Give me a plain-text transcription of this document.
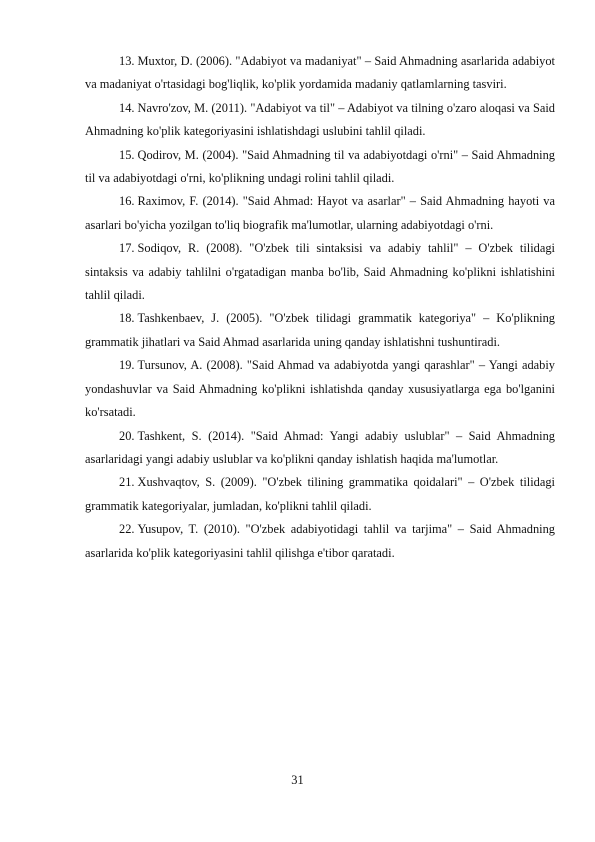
13. Muxtor, D. (2006). "Adabiyot va madaniyat" – Said Ahmadning asarlarida adabiyot va madaniyat o'rtasidagi bog'liqlik, ko'plik yordamida madaniy qatlamlarning tasviri.
14. Navro'zov, M. (2011). "Adabiyot va til" – Adabiyot va tilning o'zaro aloqasi va Said Ahmadning ko'plik kategoriyasini ishlatishdagi uslubini tahlil qiladi.
15. Qodirov, M. (2004). "Said Ahmadning til va adabiyotdagi o'rni" – Said Ahmadning til va adabiyotdagi o'rni, ko'plikning undagi rolini tahlil qiladi.
16. Raximov, F. (2014). "Said Ahmad: Hayot va asarlar" – Said Ahmadning hayoti va asarlari bo'yicha yozilgan to'liq biografik ma'lumotlar, ularning adabiyotdagi o'rni.
17. Sodiqov, R. (2008). "O'zbek tili sintaksisi va adabiy tahlil" – O'zbek tilidagi sintaksis va adabiy tahlilni o'rgatadigan manba bo'lib, Said Ahmadning ko'plikni ishlatishini tahlil qiladi.
18. Tashkenbaev, J. (2005). "O'zbek tilidagi grammatik kategoriya" – Ko'plikning grammatik jihatlari va Said Ahmad asarlarida uning qanday ishlatishni tushuntiradi.
19. Tursunov, A. (2008). "Said Ahmad va adabiyotda yangi qarashlar" – Yangi adabiy yondashuvlar va Said Ahmadning ko'plikni ishlatishda qanday xususiyatlarga ega bo'lganini ko'rsatadi.
20. Tashkent, S. (2014). "Said Ahmad: Yangi adabiy uslublar" – Said Ahmadning asarlaridagi yangi adabiy uslublar va ko'plikni qanday ishlatish haqida ma'lumotlar.
21. Xushvaqtov, S. (2009). "O'zbek tilining grammatika qoidalari" – O'zbek tilidagi grammatik kategoriyalar, jumladan, ko'plikni tahlil qiladi.
22. Yusupov, T. (2010). "O'zbek adabiyotidagi tahlil va tarjima" – Said Ahmadning asarlarida ko'plik kategoriyasini tahlil qilishga e'tibor qaratadi.
31
